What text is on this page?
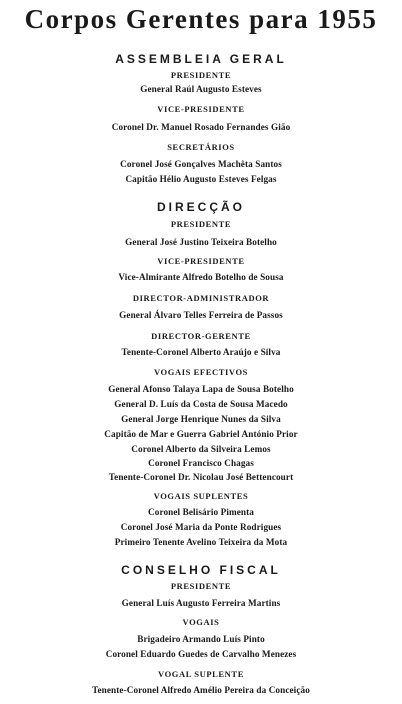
Corpos Gerentes para 1955
ASSEMBLEIA GERAL
PRESIDENTE
General Raúl Augusto Esteves
VICE-PRESIDENTE
Coronel Dr. Manuel Rosado Fernandes Gião
SECRETÁRIOS
Coronel José Gonçalves Machêta Santos
Capitão Hélio Augusto Esteves Felgas
DIRECÇÃO
PRESIDENTE
General José Justino Teixeira Botelho
VICE-PRESIDENTE
Vice-Almirante Alfredo Botelho de Sousa
DIRECTOR-ADMINISTRADOR
General Álvaro Telles Ferreira de Passos
DIRECTOR-GERENTE
Tenente-Coronel Alberto Araújo e Silva
VOGAIS EFECTIVOS
General Afonso Talaya Lapa de Sousa Botelho
General D. Luís da Costa de Sousa Macedo
General Jorge Henrique Nunes da Silva
Capitão de Mar e Guerra Gabriel António Prior
Coronel Alberto da Silveira Lemos
Coronel Francisco Chagas
Tenente-Coronel Dr. Nicolau José Bettencourt
VOGAIS SUPLENTES
Coronel Belisário Pimenta
Coronel José Maria da Ponte Rodrigues
Primeiro Tenente Avelino Teixeira da Mota
CONSELHO FISCAL
PRESIDENTE
General Luís Augusto Ferreira Martins
VOGAIS
Brigadeiro Armando Luís Pinto
Coronel Eduardo Guedes de Carvalho Menezes
VOGAL SUPLENTE
Tenente-Coronel Alfredo Amélio Pereira da Conceição
